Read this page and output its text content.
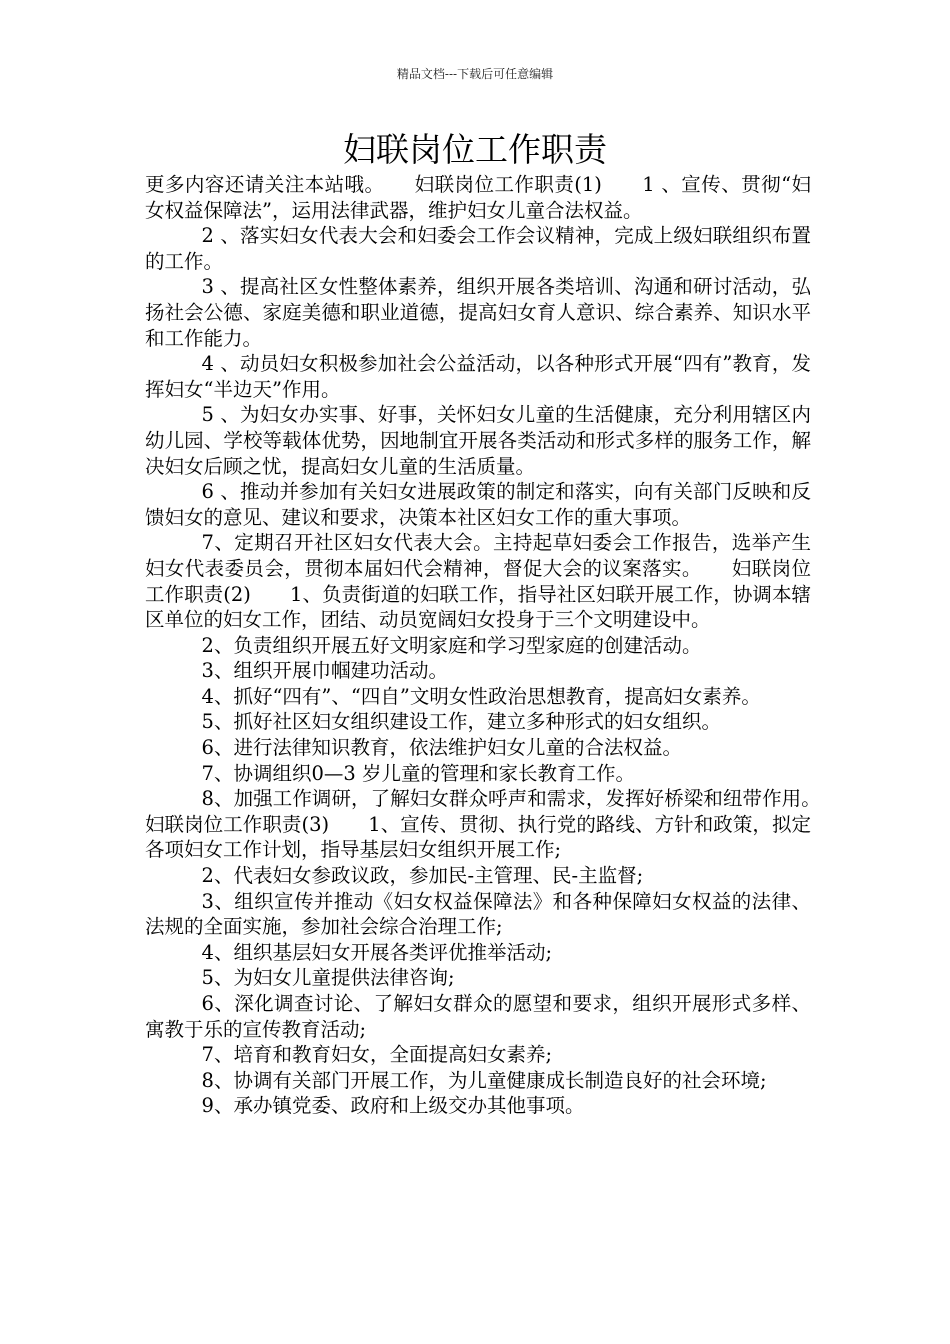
精品文档---下载后可任意编辑
妇联岗位工作职责

更多内容还请关注本站哦。　　妇联岗位工作职责(1)　　1 、宣传、贯彻“妇女权益保障法”，运用法律武器，维护妇女儿童合法权益。

2 、落实妇女代表大会和妇委会工作会议精神，完成上级妇联组织布置的工作。

3 、提高社区女性整体素养，组织开展各类培训、沟通和研讨活动，弘扬社会公德、家庭美德和职业道德，提高妇女育人意识、综合素养、知识水平和工作能力。

4 、动员妇女积极参加社会公益活动，以各种形式开展“四有”教育，发挥妇女“半边天”作用。

5 、为妇女办实事、好事，关怀妇女儿童的生活健康，充分利用辖区内幼儿园、学校等载体优势，因地制宜开展各类活动和形式多样的服务工作，解决妇女后顾之忧，提高妇女儿童的生活质量。

6 、推动并参加有关妇女进展政策的制定和落实，向有关部门反映和反馈妇女的意见、建议和要求，决策本社区妇女工作的重大事项。

7、定期召开社区妇女代表大会。主持起草妇委会工作报告，选举产生妇女代表委员会，贯彻本届妇代会精神，督促大会的议案落实。　　妇联岗位工作职责(2)　　1、负责街道的妇联工作，指导社区妇联开展工作，协调本辖区单位的妇女工作，团结、动员宽阔妇女投身于三个文明建设中。

2、负责组织开展五好文明家庭和学习型家庭的创建活动。

3、组织开展巾帼建功活动。

4、抓好“四有”、“四自”文明女性政治思想教育，提高妇女素养。

5、抓好社区妇女组织建设工作，建立多种形式的妇女组织。

6、进行法律知识教育，依法维护妇女儿童的合法权益。

7、协调组织0—3 岁儿童的管理和家长教育工作。

8、加强工作调研，了解妇女群众呼声和需求，发挥好桥梁和纽带作用。　　妇联岗位工作职责(3)　　1、宣传、贯彻、执行党的路线、方针和政策，拟定各项妇女工作计划，指导基层妇女组织开展工作;

2、代表妇女参政议政，参加民-主管理、民-主监督;

3、组织宣传并推动《妇女权益保障法》和各种保障妇女权益的法律、法规的全面实施，参加社会综合治理工作;

4、组织基层妇女开展各类评优推举活动;

5、为妇女儿童提供法律咨询;

6、深化调查讨论、了解妇女群众的愿望和要求，组织开展形式多样、寓教于乐的宣传教育活动;

7、培育和教育妇女，全面提高妇女素养;

8、协调有关部门开展工作，为儿童健康成长制造良好的社会环境;

9、承办镇党委、政府和上级交办其他事项。
